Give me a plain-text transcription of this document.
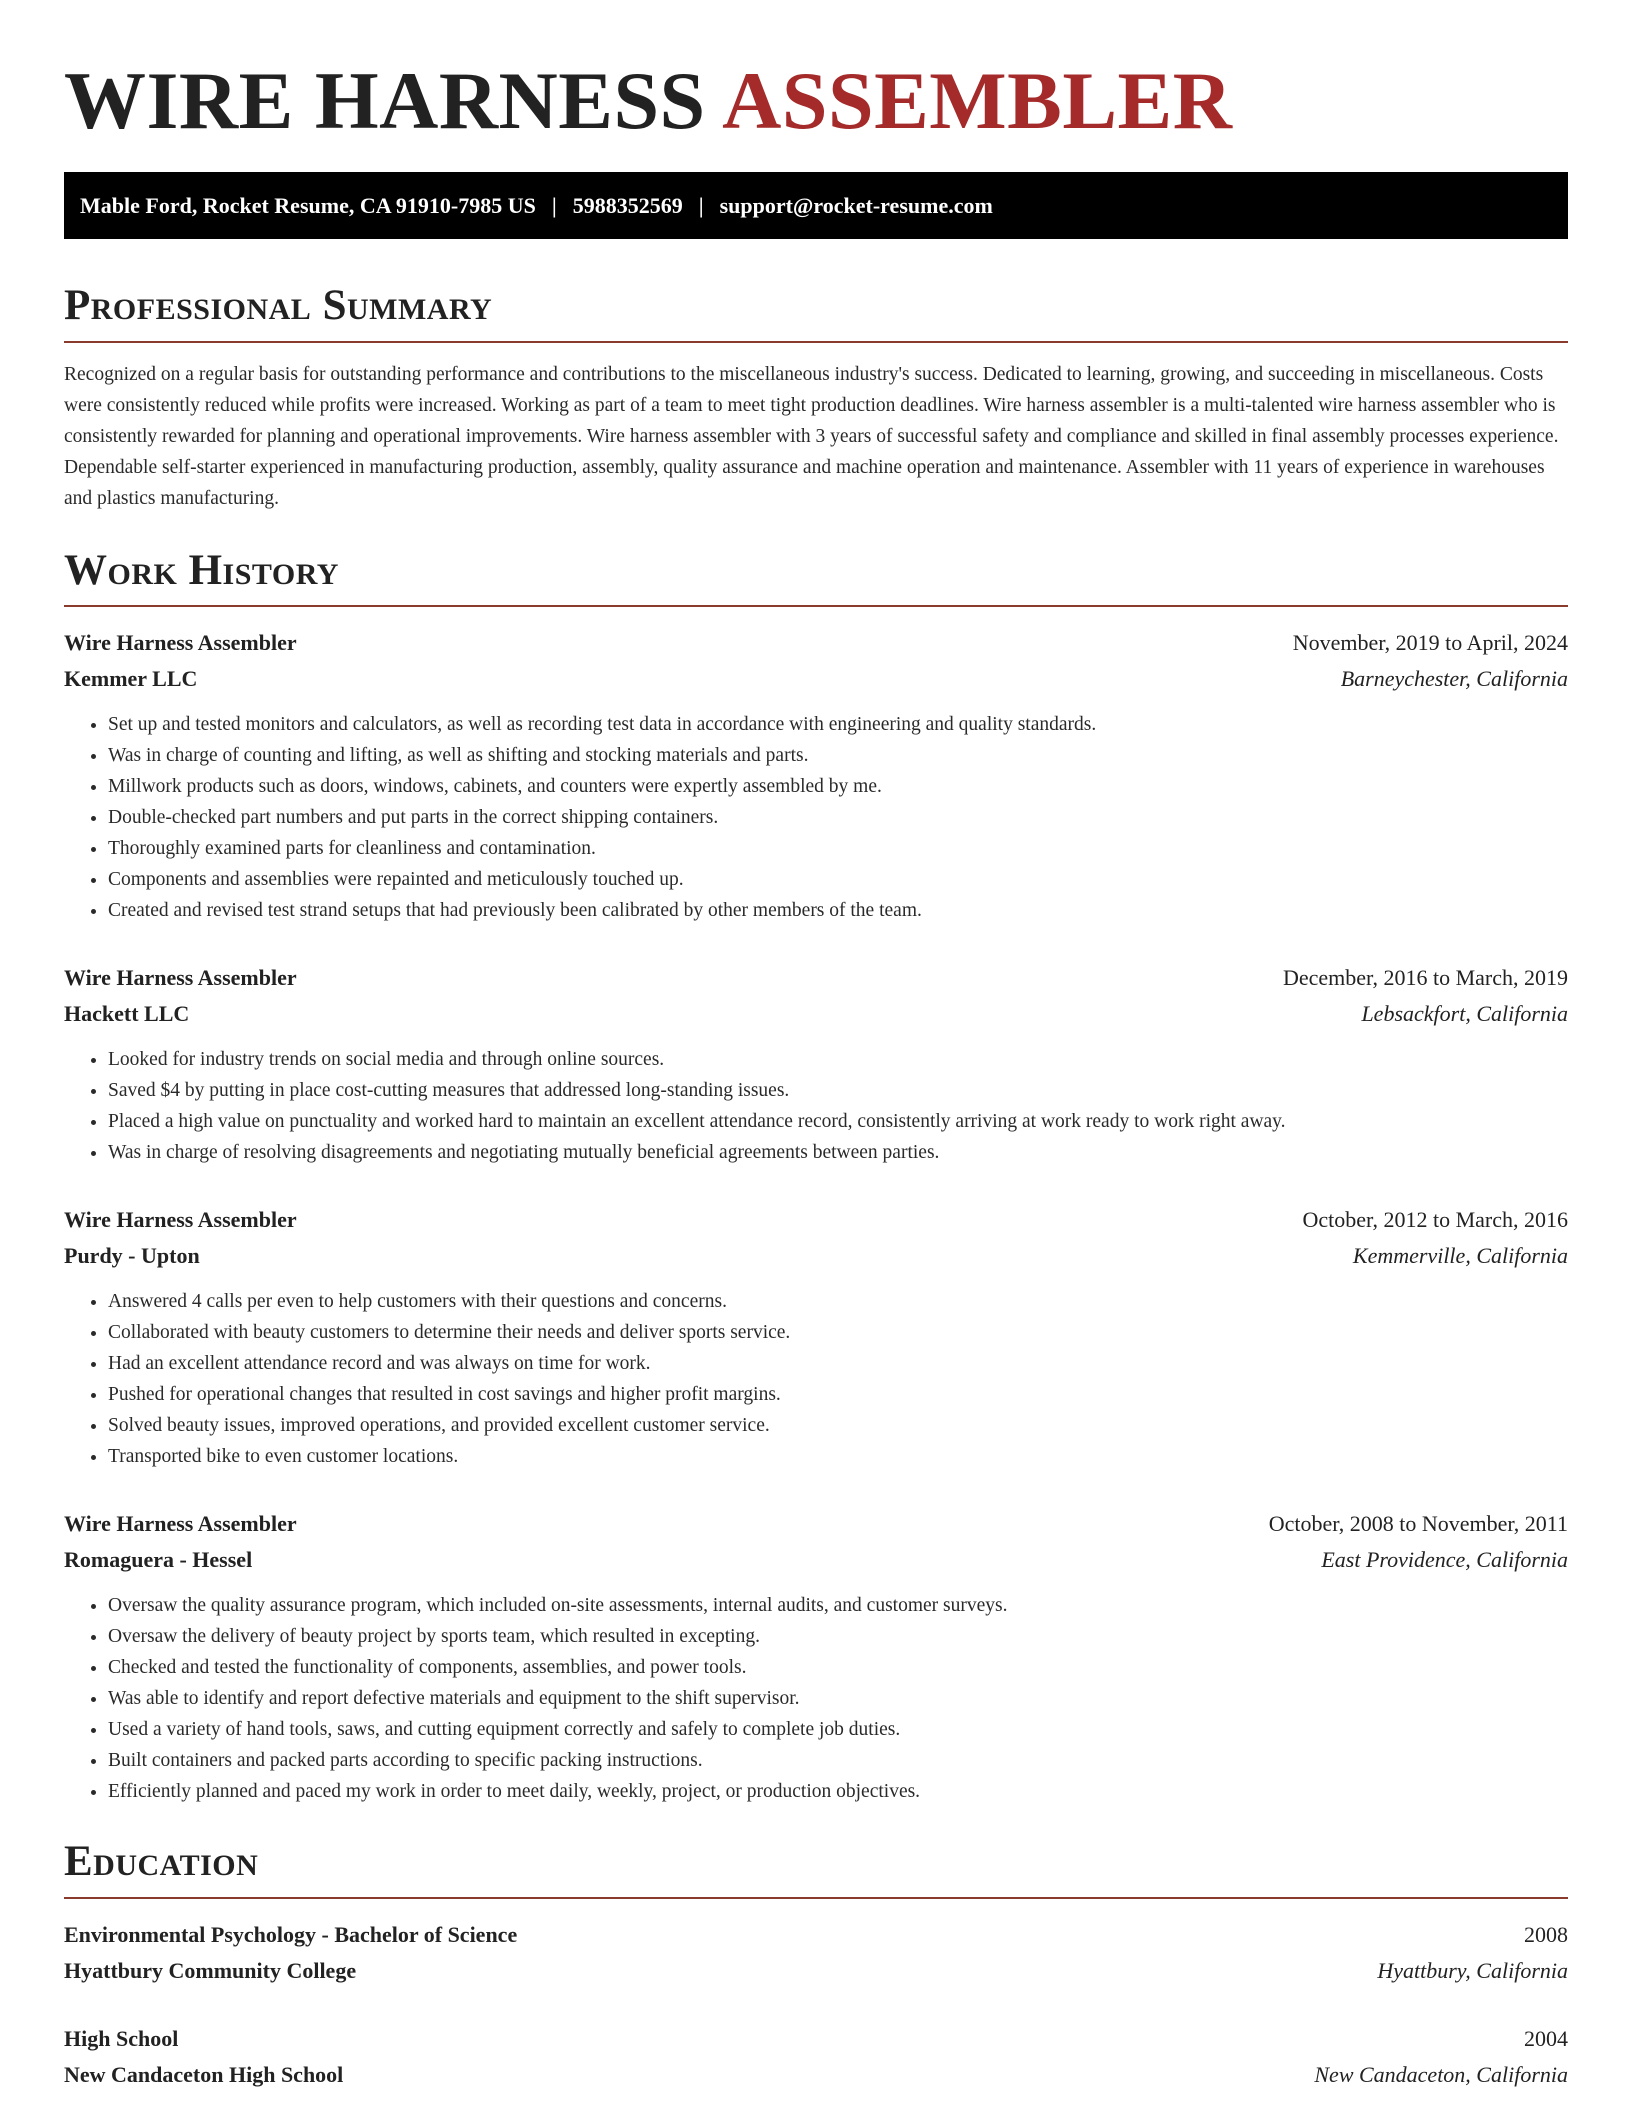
WIRE HARNESS ASSEMBLER
Mable Ford, Rocket Resume, CA 91910-7985 US | 5988352569 | support@rocket-resume.com
Professional Summary

Recognized on a regular basis for outstanding performance and contributions to the miscellaneous industry's success. Dedicated to learning, growing, and succeeding in miscellaneous. Costs were consistently reduced while profits were increased. Working as part of a team to meet tight production deadlines. Wire harness assembler is a multi-talented wire harness assembler who is consistently rewarded for planning and operational improvements. Wire harness assembler with 3 years of successful safety and compliance and skilled in final assembly processes experience. Dependable self-starter experienced in manufacturing production, assembly, quality assurance and machine operation and maintenance. Assembler with 11 years of experience in warehouses and plastics manufacturing.

Work History
Wire Harness Assembler	November, 2019 to April, 2024
Kemmer LLC	Barneychester, California
• Set up and tested monitors and calculators, as well as recording test data in accordance with engineering and quality standards.
• Was in charge of counting and lifting, as well as shifting and stocking materials and parts.
• Millwork products such as doors, windows, cabinets, and counters were expertly assembled by me.
• Double-checked part numbers and put parts in the correct shipping containers.
• Thoroughly examined parts for cleanliness and contamination.
• Components and assemblies were repainted and meticulously touched up.
• Created and revised test strand setups that had previously been calibrated by other members of the team.
Wire Harness Assembler	December, 2016 to March, 2019
Hackett LLC	Lebsackfort, California
• Looked for industry trends on social media and through online sources.
• Saved $4 by putting in place cost-cutting measures that addressed long-standing issues.
• Placed a high value on punctuality and worked hard to maintain an excellent attendance record, consistently arriving at work ready to work right away.
• Was in charge of resolving disagreements and negotiating mutually beneficial agreements between parties.
Wire Harness Assembler	October, 2012 to March, 2016
Purdy - Upton	Kemmerville, California
• Answered 4 calls per even to help customers with their questions and concerns.
• Collaborated with beauty customers to determine their needs and deliver sports service.
• Had an excellent attendance record and was always on time for work.
• Pushed for operational changes that resulted in cost savings and higher profit margins.
• Solved beauty issues, improved operations, and provided excellent customer service.
• Transported bike to even customer locations.
Wire Harness Assembler	October, 2008 to November, 2011
Romaguera - Hessel	East Providence, California
• Oversaw the quality assurance program, which included on-site assessments, internal audits, and customer surveys.
• Oversaw the delivery of beauty project by sports team, which resulted in excepting.
• Checked and tested the functionality of components, assemblies, and power tools.
• Was able to identify and report defective materials and equipment to the shift supervisor.
• Used a variety of hand tools, saws, and cutting equipment correctly and safely to complete job duties.
• Built containers and packed parts according to specific packing instructions.
• Efficiently planned and paced my work in order to meet daily, weekly, project, or production objectives.
Education
Environmental Psychology - Bachelor of Science	2008
Hyattbury Community College	Hyattbury, California
High School	2004
New Candaceton High School	New Candaceton, California
